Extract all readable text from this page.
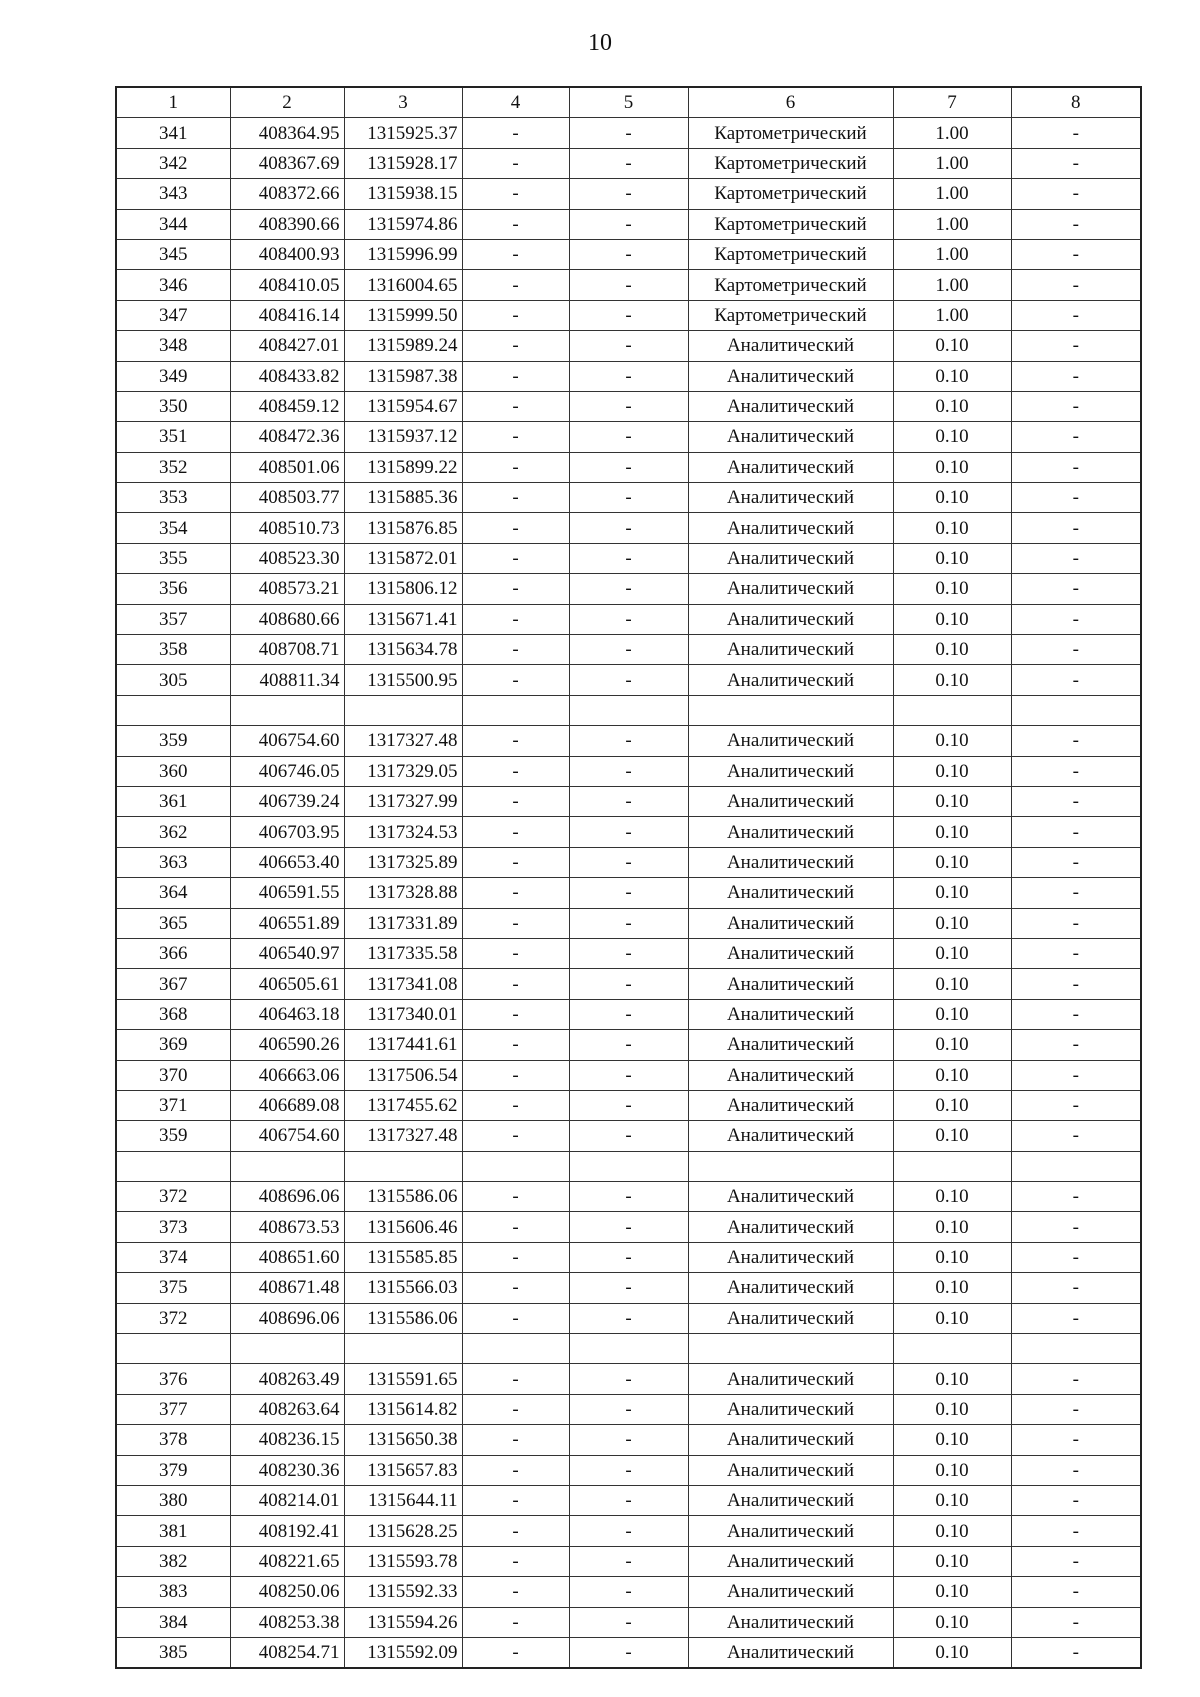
10
1	2	3	4	5	6	7	8
341	408364.95	1315925.37	-	-	Картометрический	1.00	-
342	408367.69	1315928.17	-	-	Картометрический	1.00	-
343	408372.66	1315938.15	-	-	Картометрический	1.00	-
344	408390.66	1315974.86	-	-	Картометрический	1.00	-
345	408400.93	1315996.99	-	-	Картометрический	1.00	-
346	408410.05	1316004.65	-	-	Картометрический	1.00	-
347	408416.14	1315999.50	-	-	Картометрический	1.00	-
348	408427.01	1315989.24	-	-	Аналитический	0.10	-
349	408433.82	1315987.38	-	-	Аналитический	0.10	-
350	408459.12	1315954.67	-	-	Аналитический	0.10	-
351	408472.36	1315937.12	-	-	Аналитический	0.10	-
352	408501.06	1315899.22	-	-	Аналитический	0.10	-
353	408503.77	1315885.36	-	-	Аналитический	0.10	-
354	408510.73	1315876.85	-	-	Аналитический	0.10	-
355	408523.30	1315872.01	-	-	Аналитический	0.10	-
356	408573.21	1315806.12	-	-	Аналитический	0.10	-
357	408680.66	1315671.41	-	-	Аналитический	0.10	-
358	408708.71	1315634.78	-	-	Аналитический	0.10	-
305	408811.34	1315500.95	-	-	Аналитический	0.10	-

359	406754.60	1317327.48	-	-	Аналитический	0.10	-
360	406746.05	1317329.05	-	-	Аналитический	0.10	-
361	406739.24	1317327.99	-	-	Аналитический	0.10	-
362	406703.95	1317324.53	-	-	Аналитический	0.10	-
363	406653.40	1317325.89	-	-	Аналитический	0.10	-
364	406591.55	1317328.88	-	-	Аналитический	0.10	-
365	406551.89	1317331.89	-	-	Аналитический	0.10	-
366	406540.97	1317335.58	-	-	Аналитический	0.10	-
367	406505.61	1317341.08	-	-	Аналитический	0.10	-
368	406463.18	1317340.01	-	-	Аналитический	0.10	-
369	406590.26	1317441.61	-	-	Аналитический	0.10	-
370	406663.06	1317506.54	-	-	Аналитический	0.10	-
371	406689.08	1317455.62	-	-	Аналитический	0.10	-
359	406754.60	1317327.48	-	-	Аналитический	0.10	-

372	408696.06	1315586.06	-	-	Аналитический	0.10	-
373	408673.53	1315606.46	-	-	Аналитический	0.10	-
374	408651.60	1315585.85	-	-	Аналитический	0.10	-
375	408671.48	1315566.03	-	-	Аналитический	0.10	-
372	408696.06	1315586.06	-	-	Аналитический	0.10	-

376	408263.49	1315591.65	-	-	Аналитический	0.10	-
377	408263.64	1315614.82	-	-	Аналитический	0.10	-
378	408236.15	1315650.38	-	-	Аналитический	0.10	-
379	408230.36	1315657.83	-	-	Аналитический	0.10	-
380	408214.01	1315644.11	-	-	Аналитический	0.10	-
381	408192.41	1315628.25	-	-	Аналитический	0.10	-
382	408221.65	1315593.78	-	-	Аналитический	0.10	-
383	408250.06	1315592.33	-	-	Аналитический	0.10	-
384	408253.38	1315594.26	-	-	Аналитический	0.10	-
385	408254.71	1315592.09	-	-	Аналитический	0.10	-
